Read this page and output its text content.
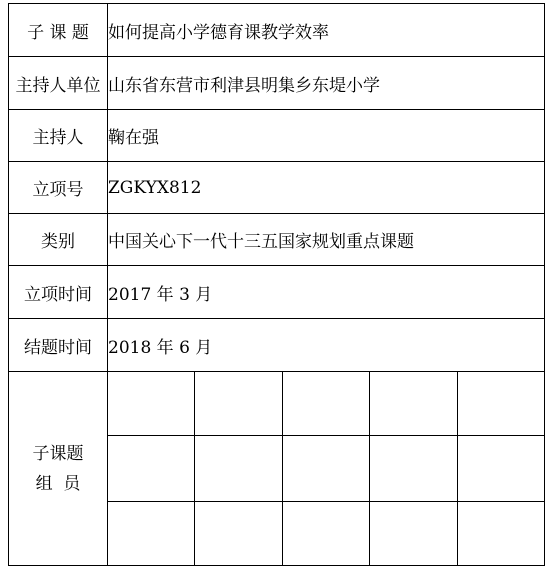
子 课 题	如何提高小学德育课教学效率				
主持人单位	山东省东营市利津县明集乡东堤小学				
主持人	鞠在强				
立项号	ZGKYX812				
类别	中国关心下一代十三五国家规划重点课题				
立项时间	2017 年 3 月				
结题时间	2018 年 6 月				

子课题
组  员					
